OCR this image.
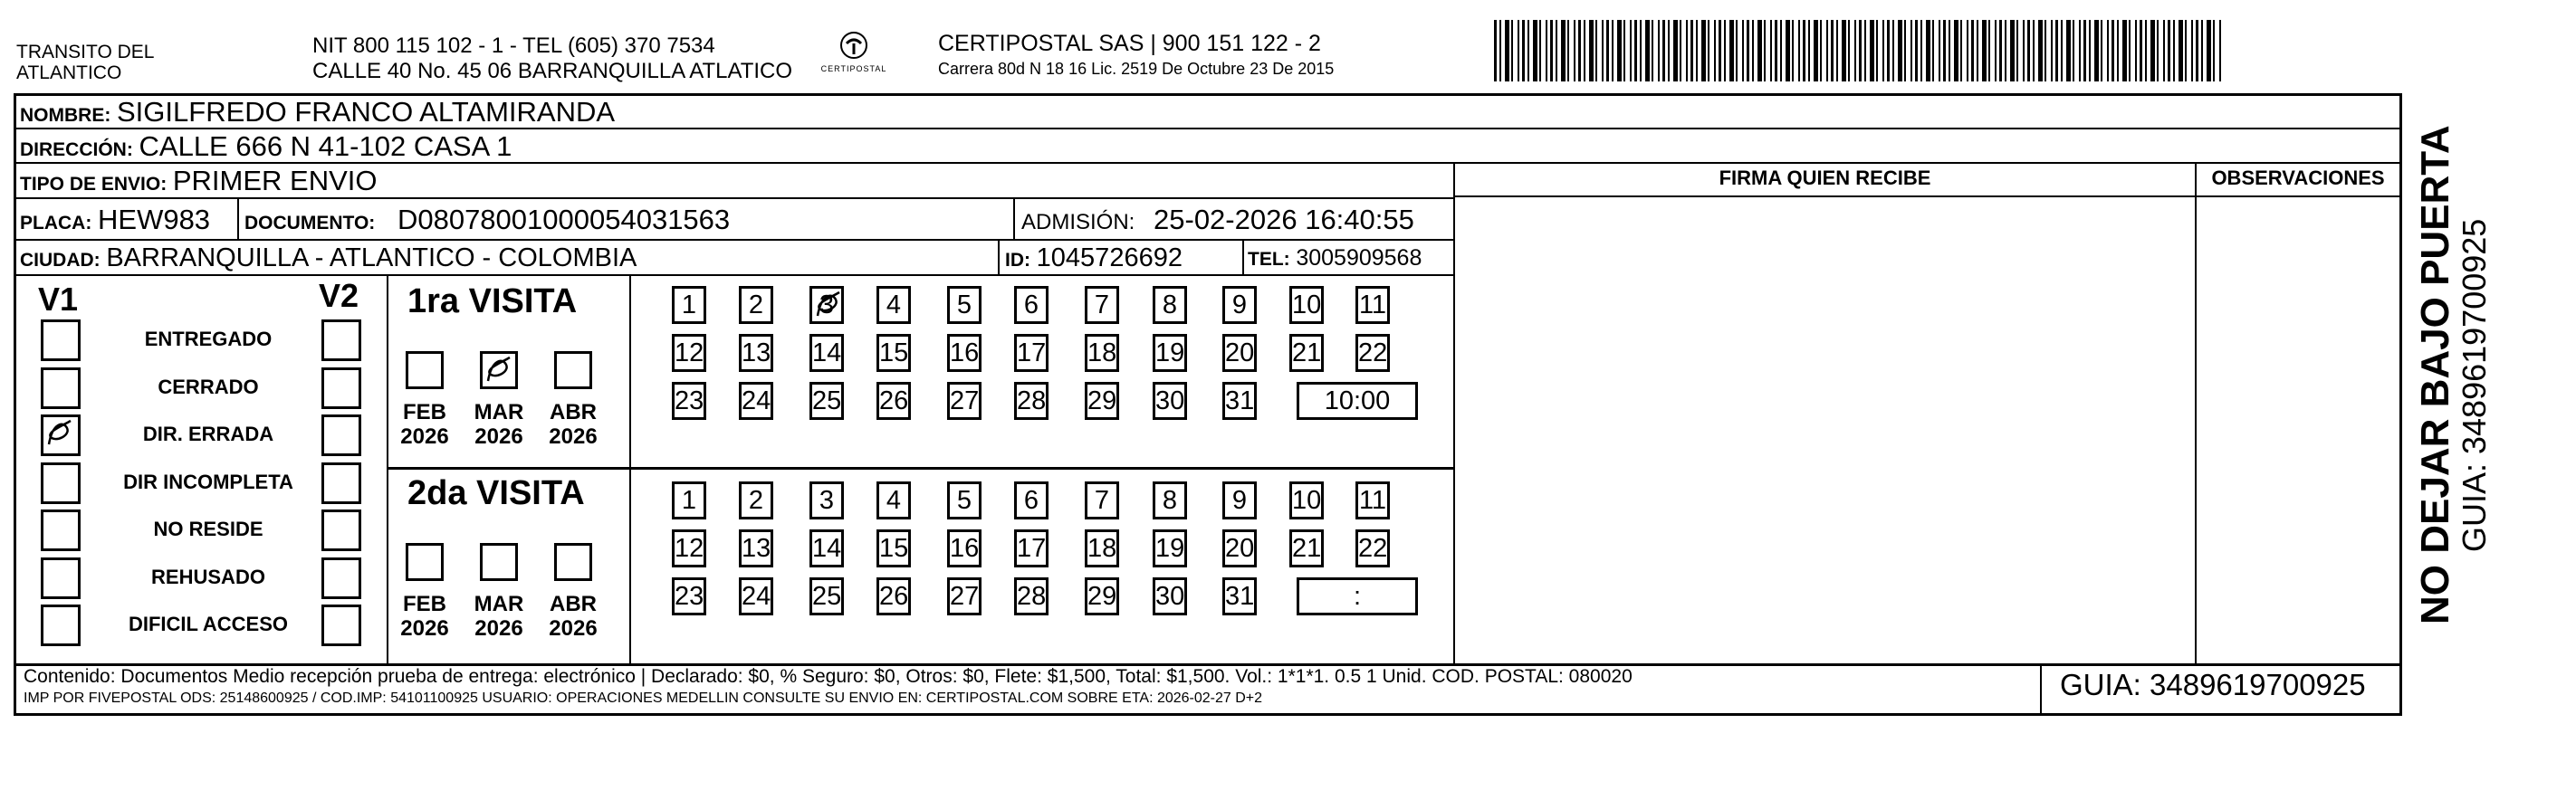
TRANSITO DEL
ATLANTICO
NIT 800 115 102 - 1 - TEL (605) 370 7534
CALLE 40 No. 45 06 BARRANQUILLA ATLATICO	CERTIPOSTAL
CERTIPOSTAL SAS | 900 151 122 - 2
Carrera 80d N 18 16 Lic. 2519 De Octubre 23 De 2015
NOMBRE: SIGILFREDO FRANCO ALTAMIRANDA
DIRECCIÓN: CALLE 666 N 41-102 CASA 1
TIPO DE ENVIO: PRIMER ENVIO
PLACA: HEW983 DOCUMENTO: D08078001000054031563	ADMISIÓN: 25-02-2026 16:40:55
CIUDAD: BARRANQUILLA - ATLANTICO - COLOMBIA	ID: 1045726692	TEL: 3005909568
FIRMA QUIEN RECIBE	OBSERVACIONES
V1	V2
ENTREGADO
CERRADO
DIR. ERRADA
DIR INCOMPLETA
NO RESIDE
REHUSADO
DIFICIL ACCESO
1ra VISITA
FEB
2026
MAR
2026
ABR
2026
1	2	3	4	5	6	7	8	9	10 11
12 13 14 15 16 17 18 19 20 21 22
23 24 25 26 27 28 29 30 31	10:00
2da VISITA
FEB
2026
MAR
2026
ABR
2026
1	2	3	4	5	6	7	8	9	10 11
12 13 14 15 16 17 18 19 20 21 22
23 24 25 26 27 28 29 30 31	:
Contenido: Documentos Medio recepción prueba de entrega: electrónico | Declarado: $0, % Seguro: $0, Otros: $0, Flete: $1,500, Total: $1,500. Vol.: 1*1*1. 0.5 1 Unid. COD. POSTAL: 080020
IMP POR FIVEPOSTAL ODS: 25148600925 / COD.IMP: 54101100925 USUARIO: OPERACIONES MEDELLIN CONSULTE SU ENVIO EN: CERTIPOSTAL.COM SOBRE ETA: 2026-02-27 D+2	GUIA: 3489619700925
NO DEJAR BAJO PUERTA
GUIA: 3489619700925
